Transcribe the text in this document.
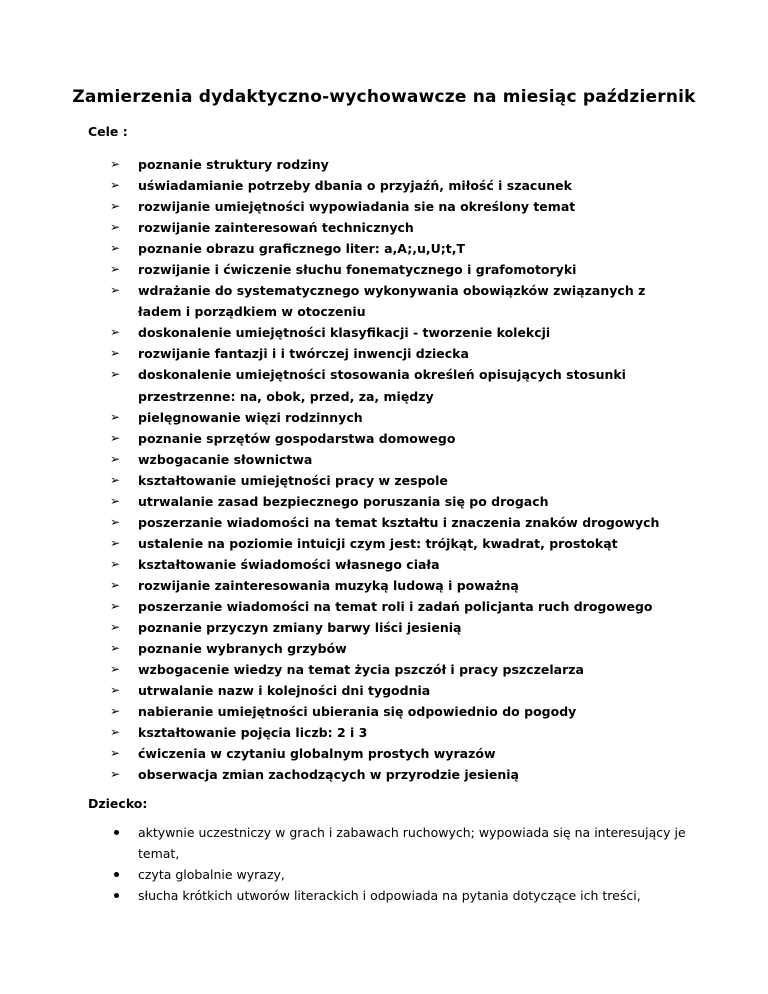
Zamierzenia dydaktyczno-wychowawcze na miesiąc październik
Cele :
➢ poznanie struktury rodziny
➢ uświadamianie potrzeby dbania o przyjaźń, miłość i szacunek
➢ rozwijanie umiejętności wypowiadania sie na określony temat
➢ rozwijanie zainteresowań technicznych
➢ poznanie obrazu graficznego liter: a,A;,u,U;t,T
➢ rozwijanie i ćwiczenie słuchu fonematycznego i grafomotoryki
➢ wdrażanie do systematycznego wykonywania obowiązków związanych z ładem i porządkiem w otoczeniu
➢ doskonalenie umiejętności klasyfikacji - tworzenie kolekcji
➢ rozwijanie fantazji i i twórczej inwencji dziecka
➢ doskonalenie umiejętności stosowania określeń opisujących stosunki przestrzenne: na, obok, przed, za, między
➢ pielęgnowanie więzi rodzinnych
➢ poznanie sprzętów gospodarstwa domowego
➢ wzbogacanie słownictwa
➢ kształtowanie umiejętności pracy w zespole
➢ utrwalanie zasad bezpiecznego poruszania się po drogach
➢ poszerzanie wiadomości na temat kształtu i znaczenia znaków drogowych
➢ ustalenie na poziomie intuicji czym jest: trójkąt, kwadrat, prostokąt
➢ kształtowanie świadomości własnego ciała
➢ rozwijanie zainteresowania muzyką ludową i poważną
➢ poszerzanie wiadomości na temat roli i zadań policjanta ruch drogowego
➢ poznanie przyczyn zmiany barwy liści jesienią
➢ poznanie wybranych grzybów
➢ wzbogacenie wiedzy na temat życia pszczół i pracy pszczelarza
➢ utrwalanie nazw i kolejności dni tygodnia
➢ nabieranie umiejętności ubierania się odpowiednio do pogody
➢ kształtowanie pojęcia liczb: 2 i 3
➢ ćwiczenia w czytaniu globalnym prostych wyrazów
➢ obserwacja zmian zachodzących w przyrodzie jesienią
Dziecko:
aktywnie uczestniczy w grach i zabawach ruchowych; wypowiada się na interesujący je temat,
czyta globalnie wyrazy,
słucha krótkich utworów literackich i odpowiada na pytania dotyczące ich treści,
